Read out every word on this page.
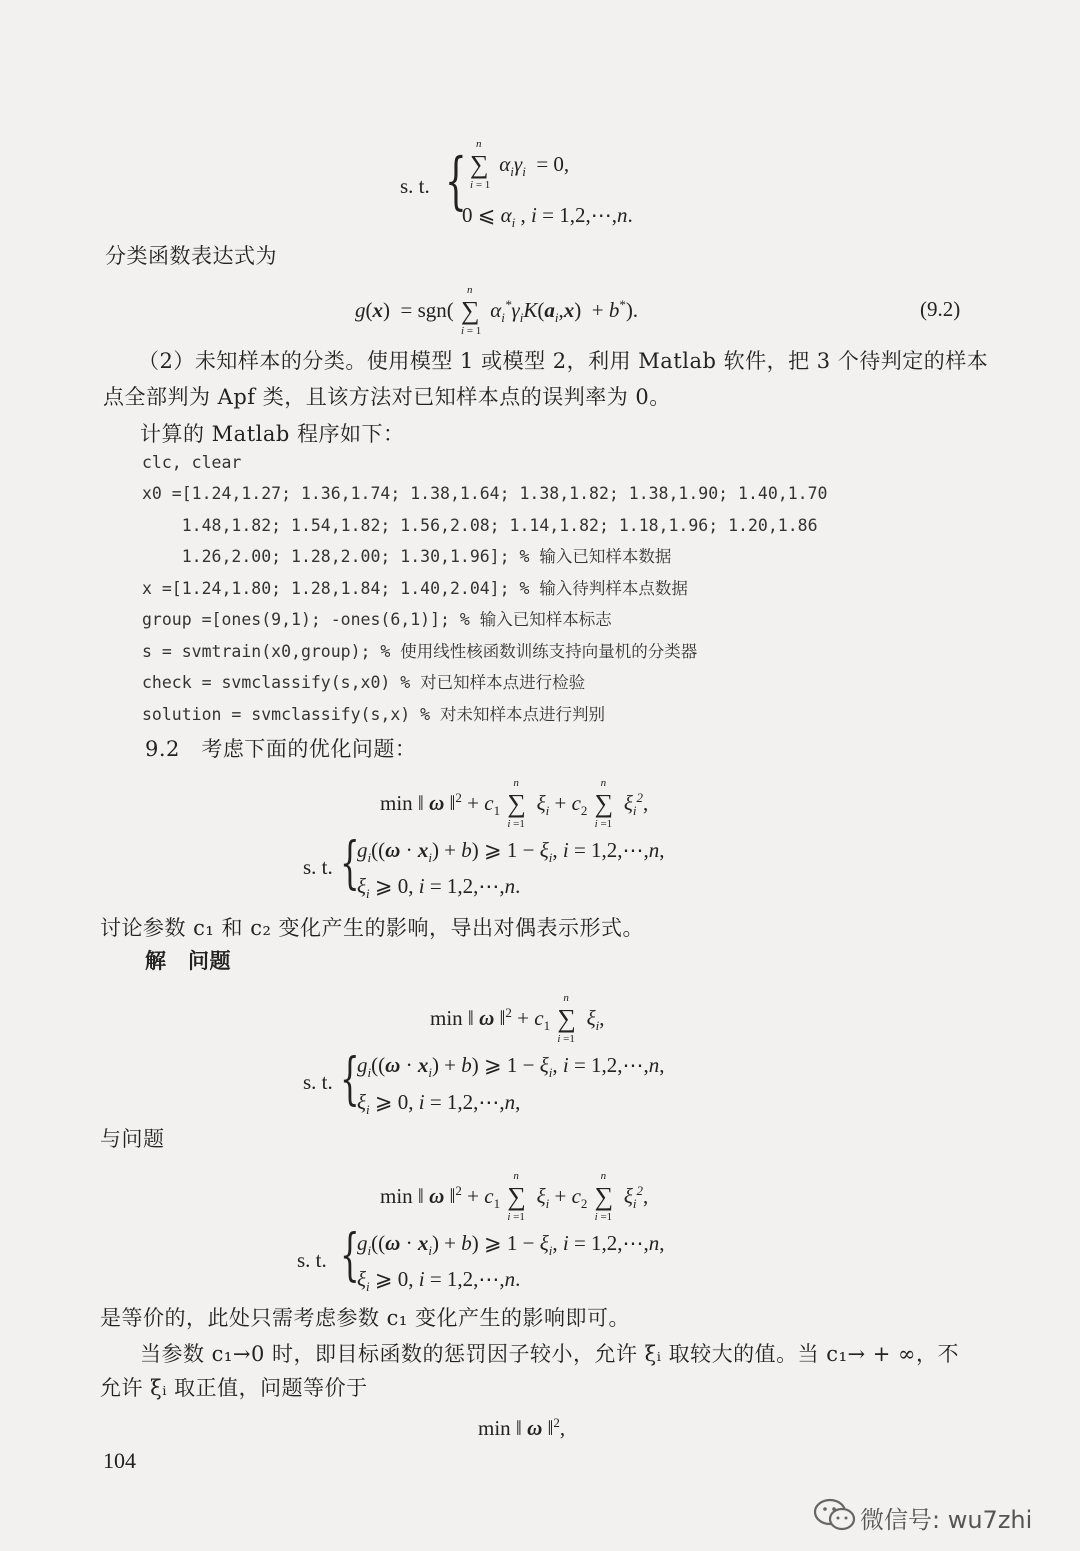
s. t. { n
∑
i = 1
$\alpha_i\gamma_i = 0$,
0 ⩽ $\alpha_i$ , i = 1,2,⋯,n.
分类函数表达式为
g(x)  = sgn(
n
∑
i = 1
$\alpha_i^*\gamma_iK(a_i,x) + b^*$).	(9.2)
（2）未知样本的分类。使用模型 1 或模型 2，利用 Matlab 软件，把 3 个待判定的样本
点全部判为 Apf 类，且该方法对已知样本点的误判率为 0。
计算的 Matlab 程序如下：
clc, clear
x0 =[1.24,1.27; 1.36,1.74; 1.38,1.64; 1.38,1.82; 1.38,1.90; 1.40,1.70
1.48,1.82; 1.54,1.82; 1.56,2.08; 1.14,1.82; 1.18,1.96; 1.20,1.86
1.26,2.00; 1.28,2.00; 1.30,1.96]; % 输入已知样本数据
x =[1.24,1.80; 1.28,1.84; 1.40,2.04]; % 输入待判样本点数据
group =[ones(9,1); -ones(6,1)]; % 输入已知样本标志
s = svmtrain(x0,group); % 使用线性核函数训练支持向量机的分类器
check = svmclassify(s,x0) % 对已知样本点进行检验
solution = svmclassify(s,x) % 对未知样本点进行判别
9.2　考虑下面的优化问题：
min ‖ ω ‖$^2$ + $c_1$
n
∑
i =1
$\xi_i + c_2$
n
∑
i =1
$\xi_i^2$,
s. t. {
$g_i((\omega \cdot x_i) + b)$ ⩾ $1 - \xi_i$, i = 1,2,⋯,n,
$\xi_i$ ⩾ 0, i = 1,2,⋯,n.
讨论参数 c₁ 和 c₂ 变化产生的影响，导出对偶表示形式。
解　问题
min ‖ ω ‖$^2$ + $c_1$
n
∑
i =1
$\xi_i$,
s. t. {
$g_i((\omega \cdot x_i) + b)$ ⩾ $1 - \xi_i$, i = 1,2,⋯,n,
$\xi_i$ ⩾ 0, i = 1,2,⋯,n,
与问题
min ‖ ω ‖$^2$ + $c_1$
n
∑
i =1
$\xi_i + c_2$
n
∑
i =1
$\xi_i^2$,
s. t. {
$g_i((\omega \cdot x_i) + b)$ ⩾ $1 - \xi_i$, i = 1,2,⋯,n,
$\xi_i$ ⩾ 0, i = 1,2,⋯,n.
是等价的，此处只需考虑参数 c₁ 变化产生的影响即可。
当参数 c₁→0 时，即目标函数的惩罚因子较小，允许 ξᵢ 取较大的值。当 c₁→ + ∞，不
允许 ξᵢ 取正值，问题等价于
min ‖ ω ‖$^2$,
104
微信号: wu7zhi
